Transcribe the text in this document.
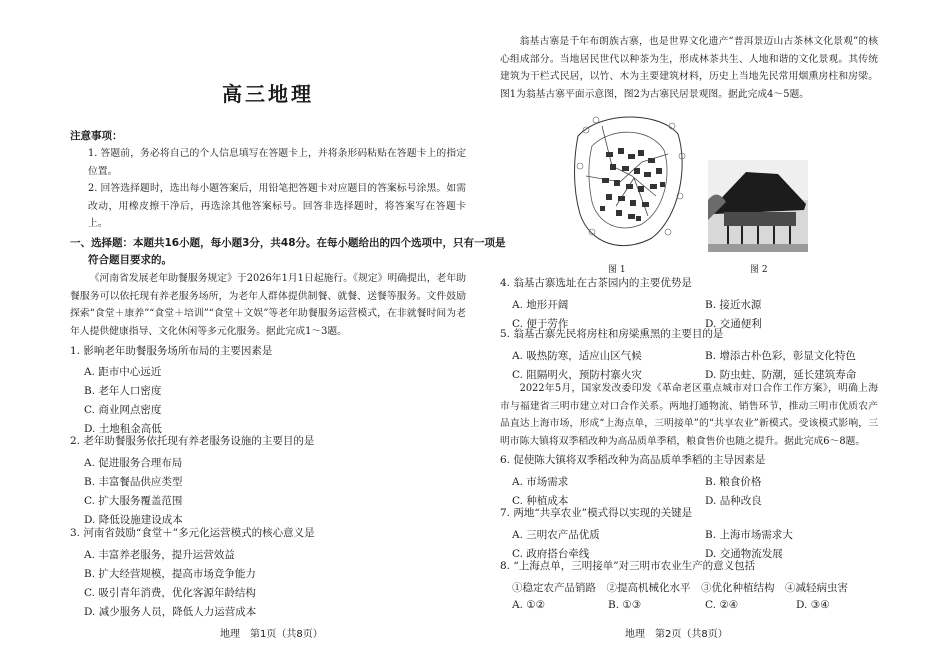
高三地理
注意事项：
1. 答题前，务必将自己的个人信息填写在答题卡上，并将条形码粘贴在答题卡上的指定位置。
2. 回答选择题时，选出每小题答案后，用铅笔把答题卡对应题目的答案标号涂黑。如需改动，用橡皮擦干净后，再选涂其他答案标号。回答非选择题时，将答案写在答题卡上。
一、选择题：本题共16小题，每小题3分，共48分。在每小题给出的四个选项中，只有一项是
符合题目要求的。
《河南省发展老年助餐服务规定》于2026年1月1日起施行。《规定》明确提出，老年助餐服务可以依托现有养老服务场所，为老年人群体提供制餐、就餐、送餐等服务。文件鼓励探索“食堂＋康养”“食堂＋培训”“食堂＋文娱”等老年助餐服务运营模式，在非就餐时间为老年人提供健康指导、文化休闲等多元化服务。据此完成1～3题。
1. 影响老年助餐服务场所布局的主要因素是
A. 距市中心远近
B. 老年人口密度
C. 商业网点密度
D. 土地租金高低
2. 老年助餐服务依托现有养老服务设施的主要目的是
A. 促进服务合理布局
B. 丰富餐品供应类型
C. 扩大服务覆盖范围
D. 降低设施建设成本
3. 河南省鼓励“食堂＋”多元化运营模式的核心意义是
A. 丰富养老服务，提升运营效益
B. 扩大经营规模，提高市场竞争能力
C. 吸引青年消费，优化客源年龄结构
D. 减少服务人员，降低人力运营成本
地理　第1页（共8页）
翁基古寨是千年布朗族古寨，也是世界文化遗产“普洱景迈山古茶林文化景观”的核心组成部分。当地居民世代以种茶为生，形成林茶共生、人地和谐的文化景观。其传统建筑为干栏式民居，以竹、木为主要建筑材料，历史上当地先民常用烟熏房柱和房梁。图1为翁基古寨平面示意图，图2为古寨民居景观图。据此完成4～5题。
图 1	图 2
4. 翁基古寨选址在古茶园内的主要优势是
A. 地形开阔	B. 接近水源
C. 便于劳作	D. 交通便利
5. 翁基古寨先民将房柱和房梁熏黑的主要目的是
A. 吸热防寒，适应山区气候	B. 增添古朴色彩，彰显文化特色
C. 阻隔明火，预防村寨火灾	D. 防虫蛀、防潮，延长建筑寿命
2022年5月，国家发改委印发《革命老区重点城市对口合作工作方案》，明确上海市与福建省三明市建立对口合作关系。两地打通物流、销售环节，推动三明市优质农产品直达上海市场，形成“上海点单，三明接单”的“共享农业”新模式。受该模式影响，三明市陈大镇将双季稻改种为高品质单季稻，粮食售价也随之提升。据此完成6～8题。
6. 促使陈大镇将双季稻改种为高品质单季稻的主导因素是
A. 市场需求	B. 粮食价格
C. 种植成本	D. 品种改良
7. 两地“共享农业”模式得以实现的关键是
A. 三明农产品优质	B. 上海市场需求大
C. 政府搭台牵线	D. 交通物流发展
8. “上海点单，三明接单”对三明市农业生产的意义包括
①稳定农产品销路　②提高机械化水平　③优化种植结构　④减轻病虫害
A. ①②	B. ①③	C. ②④	D. ③④
地理　第2页（共8页）
